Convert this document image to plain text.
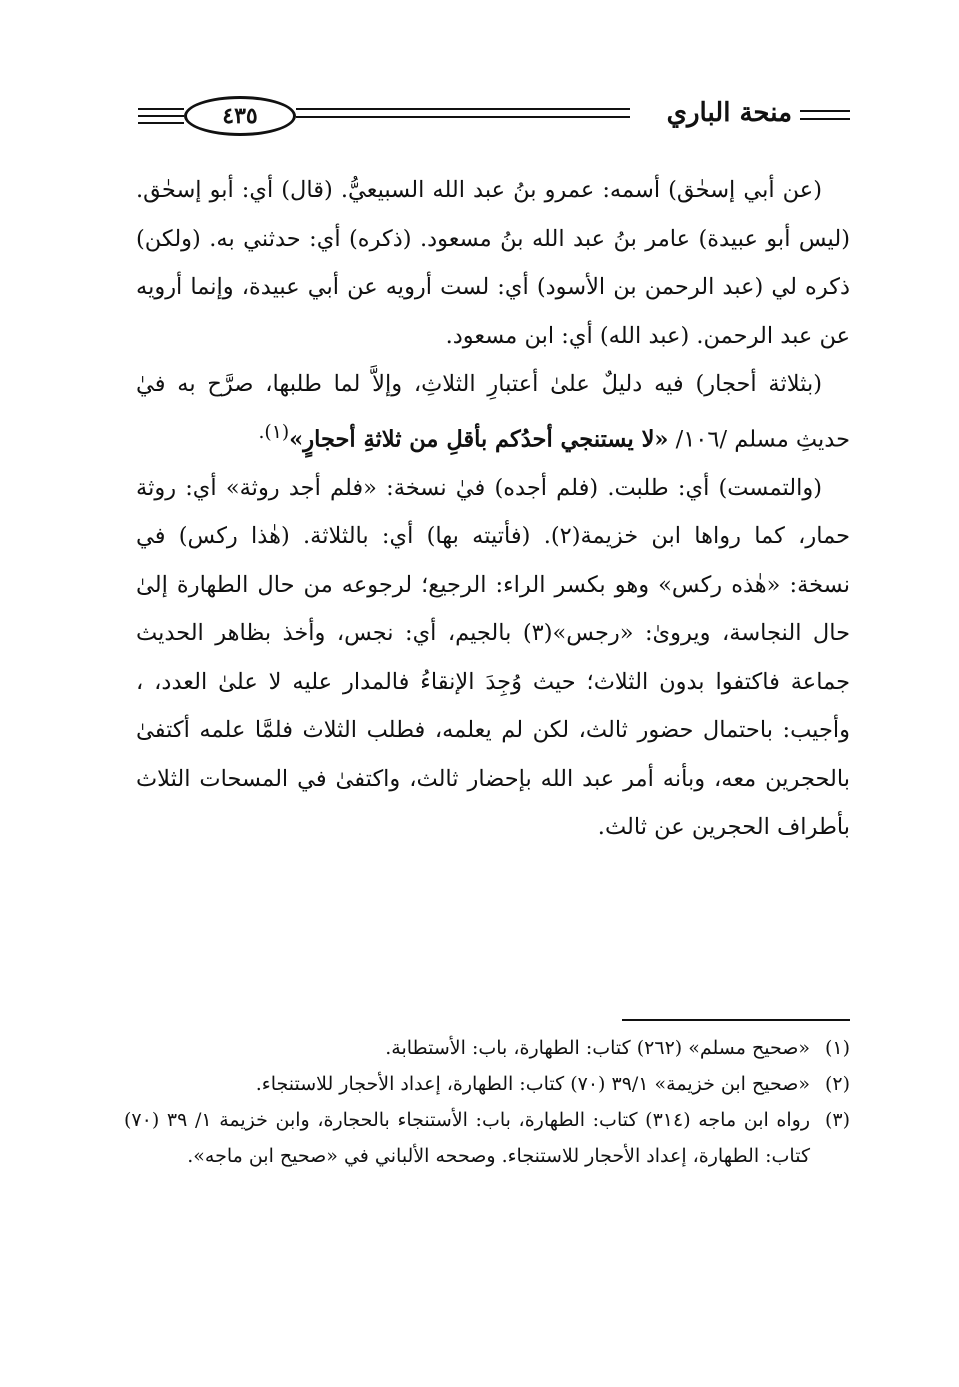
٤٣٥	منحة الباري

(عن أبي إسحٰق) أسمه: عمرو بنُ عبد الله السبيعيُّ. (قال) أي: أبو إسحٰق. (ليس أبو عبيدة) عامر بنُ عبد الله بنُ مسعود. (ذكره) أي: حدثني به. (ولكن) ذكره لي (عبد الرحمن بن الأسود) أي: لست أرويه عن أبي عبيدة، وإنما أرويه عن عبد الرحمن. (عبد الله) أي: ابن مسعود.

(بثلاثة أحجار) فيه دليلٌ علىٰ أعتبارِ الثلاثِ، وإلاَّ لما طلبها، صرَّح به فيٰ حديثِ مسلم /١٠٦/ «لا يستنجي أحدُكم بأقلِ من ثلاثةِ أحجارٍ»$^{(١).}$

(والتمست) أي: طلبت. (فلم أجده) فيٰ نسخة: «فلم أجد روثة» أي: روثة حمار، كما رواها ابن خزيمة(٢). (فأتيته بها) أي: بالثلاثة. (هٰذا ركس) في نسخة: «هٰذه ركس» وهو بكسر الراء: الرجيع؛ لرجوعه من حال الطهارة إلىٰ حال النجاسة، ويرویٰ: «رجس»(٣) بالجيم، أي: نجس، وأخذ بظاهر الحديث جماعة فاكتفوا بدون الثلاث؛ حيث وُجِدَ الإنقاءُ فالمدار عليه لا علىٰ العدد، ، وأجيب: باحتمال حضور ثالث، لكن لم يعلمه، فطلب الثلاث فلمَّا علمه أكتفىٰ بالحجرين معه، وبأنه أمر عبد الله بإحضار ثالث، واكتفىٰ في المسحات الثلاث بأطراف الحجرين عن ثالث.

(١)
«صحيح مسلم» (٢٦٢) كتاب: الطهارة، باب: الأستطابة.

(٢)
«صحيح ابن خزيمة» ٣٩/١ (٧٠) كتاب: الطهارة، إعداد الأحجار للاستنجاء.

(٣)
رواه ابن ماجه (٣١٤) كتاب: الطهارة، باب: الأستنجاء بالحجارة، وابن خزيمة ١/ ٣٩ (٧٠) كتاب: الطهارة، إعداد الأحجار للاستنجاء. وصححه الألباني في «صحيح ابن ماجه».
